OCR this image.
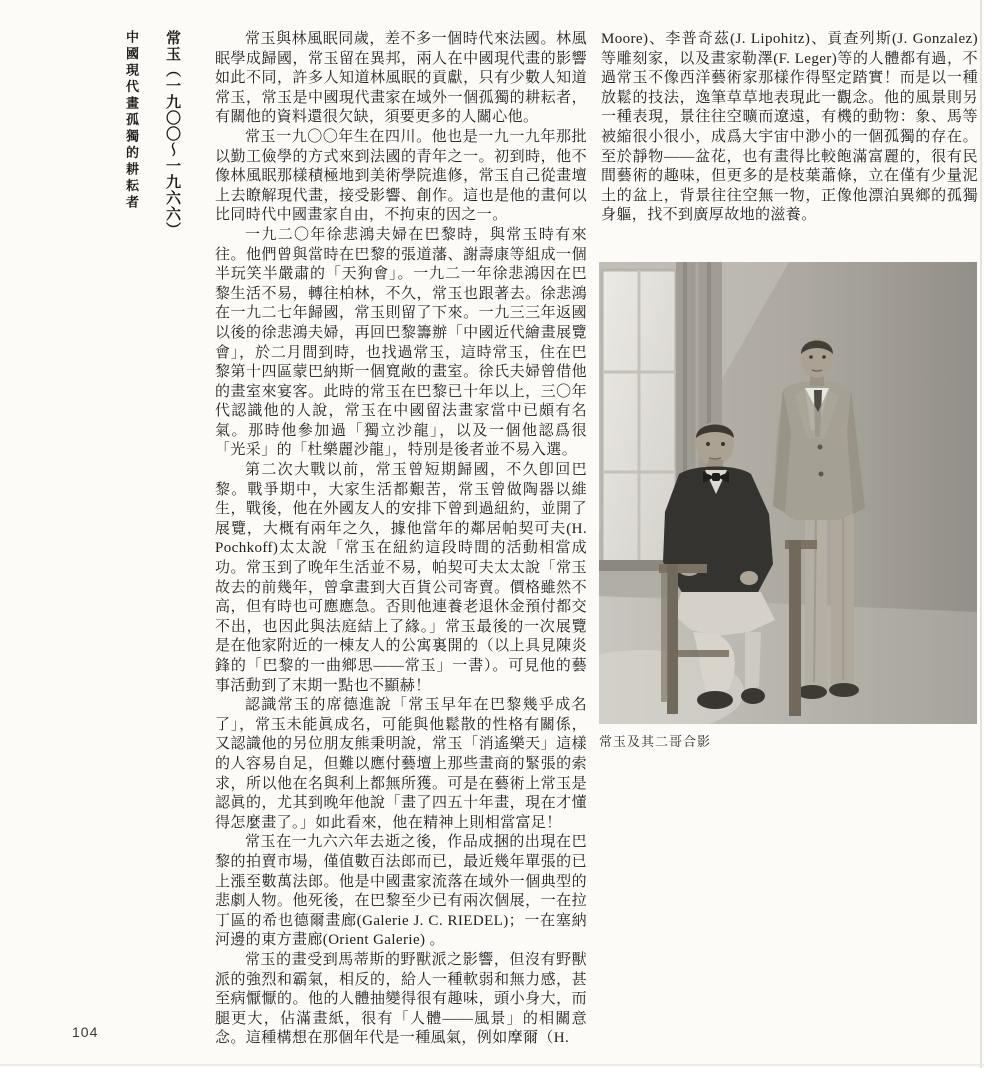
常玉（一九〇〇～一九六六）
中國現代畫孤獨的耕耘者	常玉與林風眠同歲，差不多一個時代來法國。林風眠學成歸國，常玉留在異邦，兩人在中國現代畫的影響如此不同，許多人知道林風眠的貢獻，只有少數人知道常玉，常玉是中國現代畫家在域外一個孤獨的耕耘者，有關他的資料還很欠缺，須要更多的人關心他。

常玉一九〇〇年生在四川。他也是一九一九年那批以勤工儉學的方式來到法國的青年之一。初到時，他不像林風眠那樣積極地到美術學院進修，常玉自己從畫壇上去瞭解現代畫，接受影響、創作。這也是他的畫何以比同時代中國畫家自由，不拘束的因之一。

一九二〇年徐悲鴻夫婦在巴黎時，與常玉時有來往。他們曾與當時在巴黎的張道藩、謝壽康等組成一個半玩笑半嚴肅的「天狗會」。一九二一年徐悲鴻因在巴黎生活不易，轉往柏林，不久，常玉也跟著去。徐悲鴻在一九二七年歸國，常玉則留了下來。一九三三年返國以後的徐悲鴻夫婦，再回巴黎籌辦「中國近代繪畫展覽會」，於二月間到時，也找過常玉，這時常玉，住在巴黎第十四區蒙巴納斯一個寬敞的畫室。徐氏夫婦曾借他的畫室來宴客。此時的常玉在巴黎已十年以上，三〇年代認識他的人說，常玉在中國留法畫家當中已頗有名氣。那時他參加過「獨立沙龍」，以及一個他認爲很「光采」的「杜樂麗沙龍」，特別是後者並不易入選。

第二次大戰以前，常玉曾短期歸國，不久卽回巴黎。戰爭期中，大家生活都艱苦，常玉曾做陶器以維生，戰後，他在外國友人的安排下曾到過紐約，並開了展覽，大概有兩年之久，據他當年的鄰居帕契可夫(H. Pochkoff)太太說「常玉在紐約這段時間的活動相當成功。常玉到了晚年生活並不易，帕契可夫太太說「常玉故去的前幾年，曾拿畫到大百貨公司寄賣。價格雖然不高，但有時也可應應急。否則他連養老退休金預付都交不出，也因此與法庭結上了緣。」常玉最後的一次展覽是在他家附近的一棟友人的公寓裏開的（以上具見陳炎鋒的「巴黎的一曲鄉思——常玉」一書）。可見他的藝事活動到了末期一點也不顯赫！

認識常玉的席德進說「常玉早年在巴黎幾乎成名了」，常玉未能眞成名，可能與他鬆散的性格有關係，又認識他的另位朋友熊秉明說，常玉「消遙樂天」這樣的人容易自足，但難以應付藝壇上那些畫商的緊張的索求，所以他在名與利上都無所獲。可是在藝術上常玉是認眞的，尤其到晚年他說「畫了四五十年畫，現在才懂得怎麼畫了。」如此看來，他在精神上則相當富足！

常玉在一九六六年去逝之後，作品成捆的出現在巴黎的拍賣市場，僅值數百法郎而已，最近幾年單張的已上漲至數萬法郎。他是中國畫家流落在域外一個典型的悲劇人物。他死後，在巴黎至少已有兩次個展，一在拉丁區的希也德爾畫廊(Galerie J. C. RIEDEL)；一在塞納河邊的東方畫廊(Orient Galerie) 。

常玉的畫受到馬蒂斯的野獸派之影響，但沒有野獸派的強烈和霸氣，相反的，給人一種軟弱和無力感，甚至病懨懨的。他的人體抽變得很有趣味，頭小身大，而腿更大，佔滿畫紙，很有「人體——風景」的相關意念。這種構想在那個年代是一種風氣，例如摩爾（H.

Moore)、李普奇茲(J. Lipohitz)、貢查列斯(J. Gonzalez)等雕刻家，以及畫家勒澤(F. Leger)等的人體都有過，不過常玉不像西洋藝術家那樣作得堅定踏實！而是以一種放鬆的技法，逸筆草草地表現此一觀念。他的風景則另一種表現，景往往空曠而遼遠，有機的動物：象、馬等被縮很小很小，成爲大宇宙中渺小的一個孤獨的存在。至於靜物——盆花，也有畫得比較飽滿富麗的，很有民間藝術的趣味，但更多的是枝葉蕭條，立在僅有少量泥土的盆上，背景往往空無一物，正像他漂泊異鄉的孤獨身軀，找不到廣厚故地的滋養。

常玉及其二哥合影
104
